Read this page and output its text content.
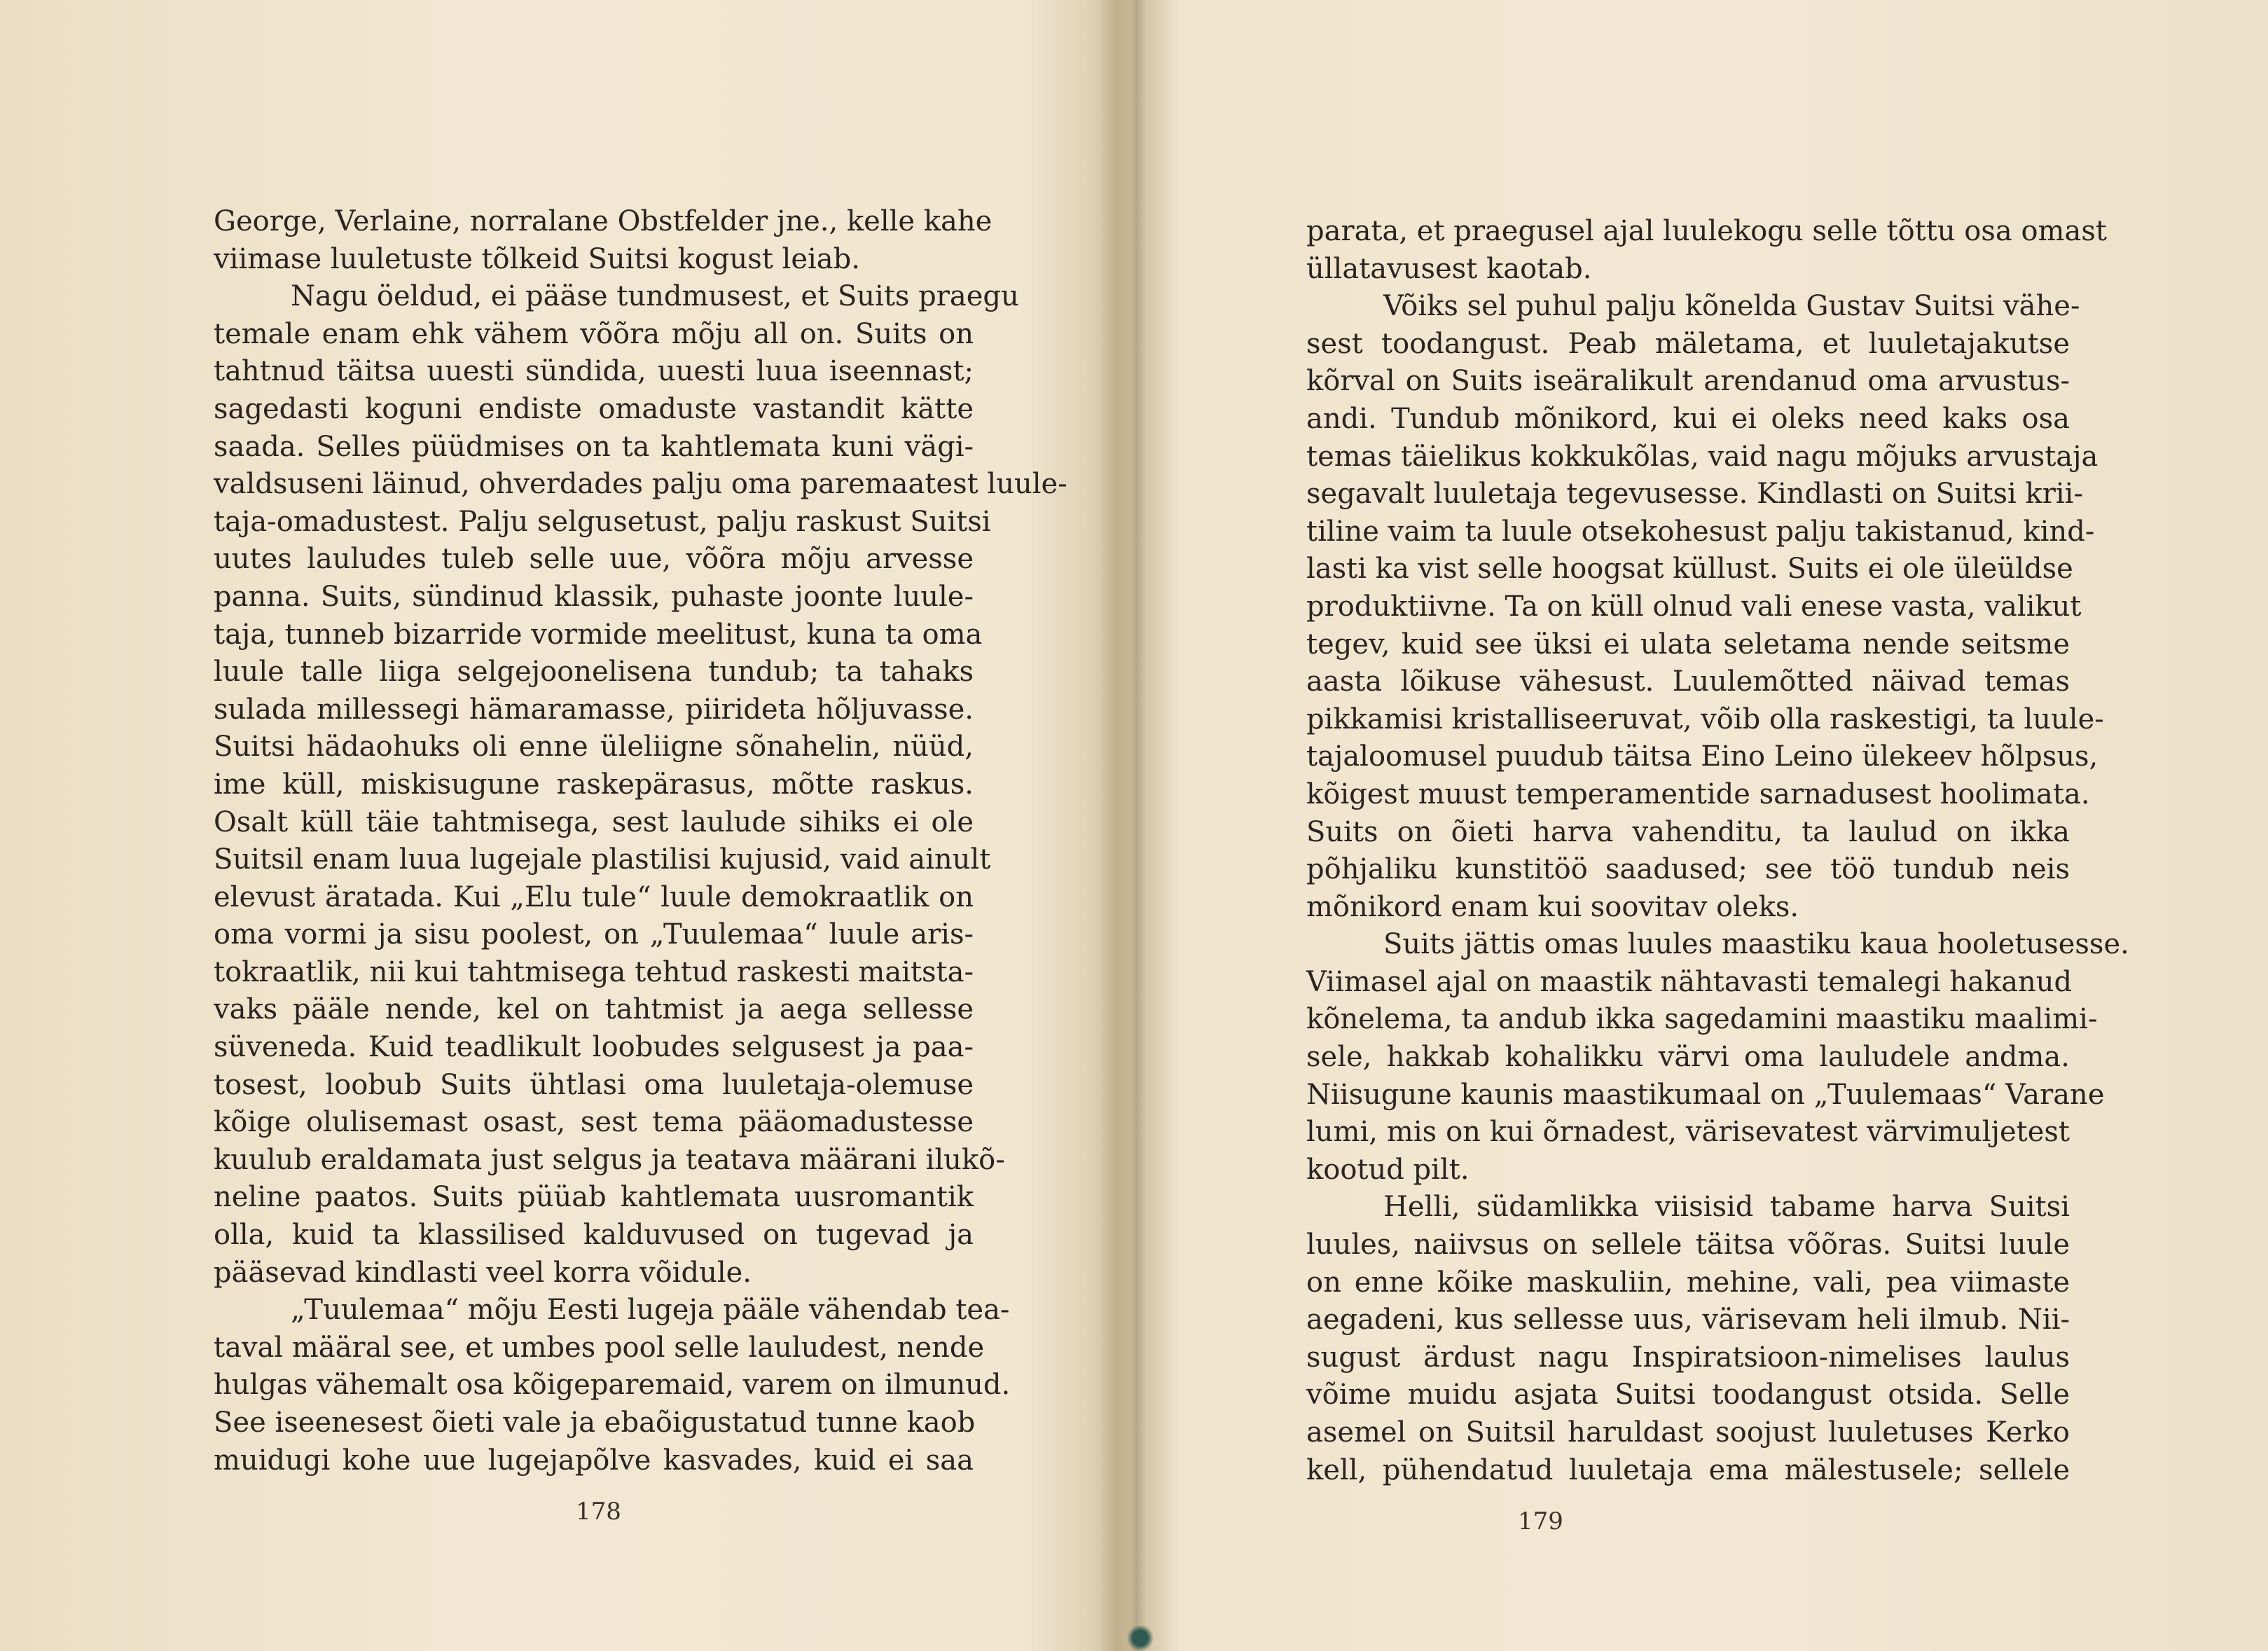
George, Verlaine, norralane Obstfelder jne., kelle kahe
viimase luuletuste tõlkeid Suitsi kogust leiab.
Nagu öeldud, ei pääse tundmusest, et Suits praegu
temale enam ehk vähem võõra mõju all on. Suits on
tahtnud täitsa uuesti sündida, uuesti luua iseennast;
sagedasti koguni endiste omaduste vastandit kätte
saada. Selles püüdmises on ta kahtlemata kuni vägi-
valdsuseni läinud, ohverdades palju oma paremaatest luule-
taja-omadustest. Palju selgusetust, palju raskust Suitsi
uutes lauludes tuleb selle uue, võõra mõju arvesse
panna. Suits, sündinud klassik, puhaste joonte luule-
taja, tunneb bizarride vormide meelitust, kuna ta oma
luule talle liiga selgejoonelisena tundub; ta tahaks
sulada millessegi hämaramasse, piirideta hõljuvasse.
Suitsi hädaohuks oli enne üleliigne sõnahelin, nüüd,
ime küll, miskisugune raskepärasus, mõtte raskus.
Osalt küll täie tahtmisega, sest laulude sihiks ei ole
Suitsil enam luua lugejale plastilisi kujusid, vaid ainult
elevust äratada. Kui „Elu tule“ luule demokraatlik on
oma vormi ja sisu poolest, on „Tuulemaa“ luule aris-
tokraatlik, nii kui tahtmisega tehtud raskesti maitsta-
vaks pääle nende, kel on tahtmist ja aega sellesse
süveneda. Kuid teadlikult loobudes selgusest ja paa-
tosest, loobub Suits ühtlasi oma luuletaja-olemuse
kõige olulisemast osast, sest tema pääomadustesse
kuulub eraldamata just selgus ja teatava määrani ilukõ-
neline paatos. Suits püüab kahtlemata uusromantik
olla, kuid ta klassilised kalduvused on tugevad ja
pääsevad kindlasti veel korra võidule.
„Tuulemaa“ mõju Eesti lugeja pääle vähendab tea-
taval määral see, et umbes pool selle lauludest, nende
hulgas vähemalt osa kõigeparemaid, varem on ilmunud.
See iseenesest õieti vale ja ebaõigustatud tunne kaob
muidugi kohe uue lugejapõlve kasvades, kuid ei saa
178
parata, et praegusel ajal luulekogu selle tõttu osa omast
üllatavusest kaotab.
Võiks sel puhul palju kõnelda Gustav Suitsi vähe-
sest toodangust. Peab mäletama, et luuletajakutse
kõrval on Suits iseäralikult arendanud oma arvustus-
andi. Tundub mõnikord, kui ei oleks need kaks osa
temas täielikus kokkukõlas, vaid nagu mõjuks arvustaja
segavalt luuletaja tegevusesse. Kindlasti on Suitsi krii-
tiline vaim ta luule otsekohesust palju takistanud, kind-
lasti ka vist selle hoogsat küllust. Suits ei ole üleüldse
produktiivne. Ta on küll olnud vali enese vasta, valikut
tegev, kuid see üksi ei ulata seletama nende seitsme
aasta lõikuse vähesust. Luulemõtted näivad temas
pikkamisi kristalliseeruvat, võib olla raskestigi, ta luule-
tajaloomusel puudub täitsa Eino Leino ülekeev hõlpsus,
kõigest muust temperamentide sarnadusest hoolimata.
Suits on õieti harva vahenditu, ta laulud on ikka
põhjaliku kunstitöö saadused; see töö tundub neis
mõnikord enam kui soovitav oleks.
Suits jättis omas luules maastiku kaua hooletusesse.
Viimasel ajal on maastik nähtavasti temalegi hakanud
kõnelema, ta andub ikka sagedamini maastiku maalimi-
sele, hakkab kohalikku värvi oma lauludele andma.
Niisugune kaunis maastikumaal on „Tuulemaas“ Varane
lumi, mis on kui õrnadest, värisevatest värvimuljetest
kootud pilt.
Helli, südamlikka viisisid tabame harva Suitsi
luules, naiivsus on sellele täitsa võõras. Suitsi luule
on enne kõike maskuliin, mehine, vali, pea viimaste
aegadeni, kus sellesse uus, värisevam heli ilmub. Nii-
sugust ärdust nagu Inspiratsioon-nimelises laulus
võime muidu asjata Suitsi toodangust otsida. Selle
asemel on Suitsil haruldast soojust luuletuses Kerko
kell, pühendatud luuletaja ema mälestusele; sellele
179
